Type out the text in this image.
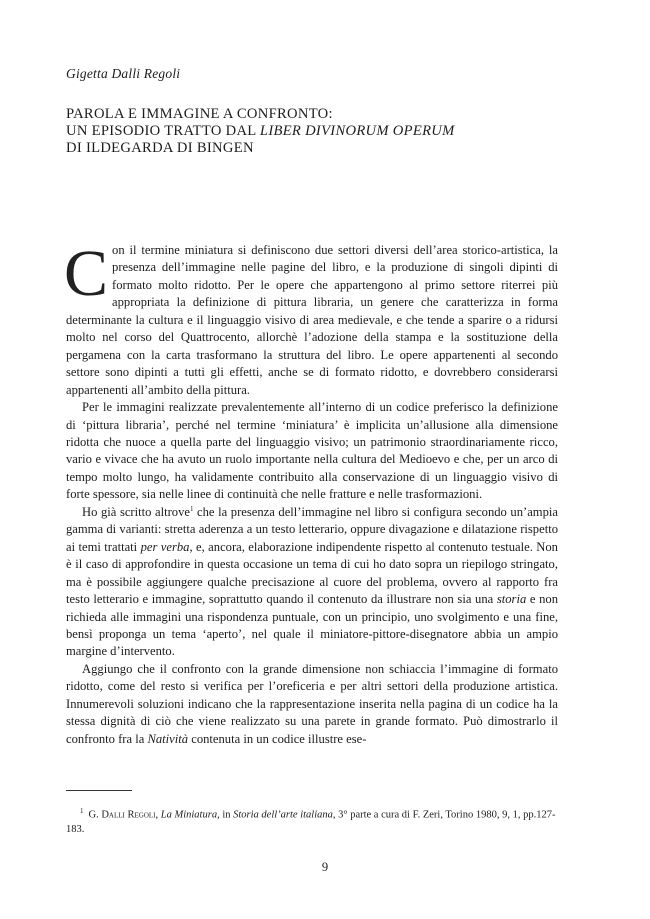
Gigetta Dalli Regoli
PAROLA E IMMAGINE A CONFRONTO:
UN EPISODIO TRATTO DAL LIBER DIVINORUM OPERUM
DI ILDEGARDA DI BINGEN

Con il termine miniatura si definiscono due settori diversi dell’area storico-artistica, la presenza dell’immagine nelle pagine del libro, e la produzione di singoli dipinti di formato molto ridotto. Per le opere che appartengono al primo settore riterrei più appropriata la definizione di pittura libraria, un genere che caratterizza in forma determinante la cultura e il linguaggio visivo di area medievale, e che tende a sparire o a ridursi molto nel corso del Quattrocento, allorchè l’adozione della stampa e la sostituzione della pergamena con la carta trasformano la struttura del libro. Le opere appartenenti al secondo settore sono dipinti a tutti gli effetti, anche se di formato ridotto, e dovrebbero considerarsi appartenenti all’ambito della pittura.

Per le immagini realizzate prevalentemente all’interno di un codice preferisco la definizione di ‘pittura libraria’, perché nel termine ‘miniatura’ è implicita un’allusione alla dimensione ridotta che nuoce a quella parte del linguaggio visivo; un patrimonio straordinariamente ricco, vario e vivace che ha avuto un ruolo importante nella cultura del Medioevo e che, per un arco di tempo molto lungo, ha validamente contribuito alla conservazione di un linguaggio visivo di forte spessore, sia nelle linee di continuità che nelle fratture e nelle trasformazioni.

Ho già scritto altrove$^1$ che la presenza dell’immagine nel libro si configura secondo un’ampia gamma di varianti: stretta aderenza a un testo letterario, oppure divagazione e dilatazione rispetto ai temi trattati per verba, e, ancora, elaborazione indipendente rispetto al contenuto testuale. Non è il caso di approfondire in questa occasione un tema di cui ho dato sopra un riepilogo stringato, ma è possibile aggiungere qualche precisazione al cuore del problema, ovvero al rapporto fra testo letterario e immagine, soprattutto quando il contenuto da illustrare non sia una storia e non richieda alle immagini una rispondenza puntuale, con un principio, uno svolgimento e una fine, bensì proponga un tema ‘aperto’, nel quale il miniatore-pittore-disegnatore abbia un ampio margine d’intervento.

Aggiungo che il confronto con la grande dimensione non schiaccia l’immagine di formato ridotto, come del resto si verifica per l’oreficeria e per altri settori della produzione artistica. Innumerevoli soluzioni indicano che la rappresentazione inserita nella pagina di un codice ha la stessa dignità di ciò che viene realizzato su una parete in grande formato. Può dimostrarlo il confronto fra la Natività contenuta in un codice illustre ese-

$^1$ G. Dalli Regoli, La Miniatura, in Storia dell’arte italiana, 3° parte a cura di F. Zeri, Torino 1980, 9, 1, pp.127-183.
9
